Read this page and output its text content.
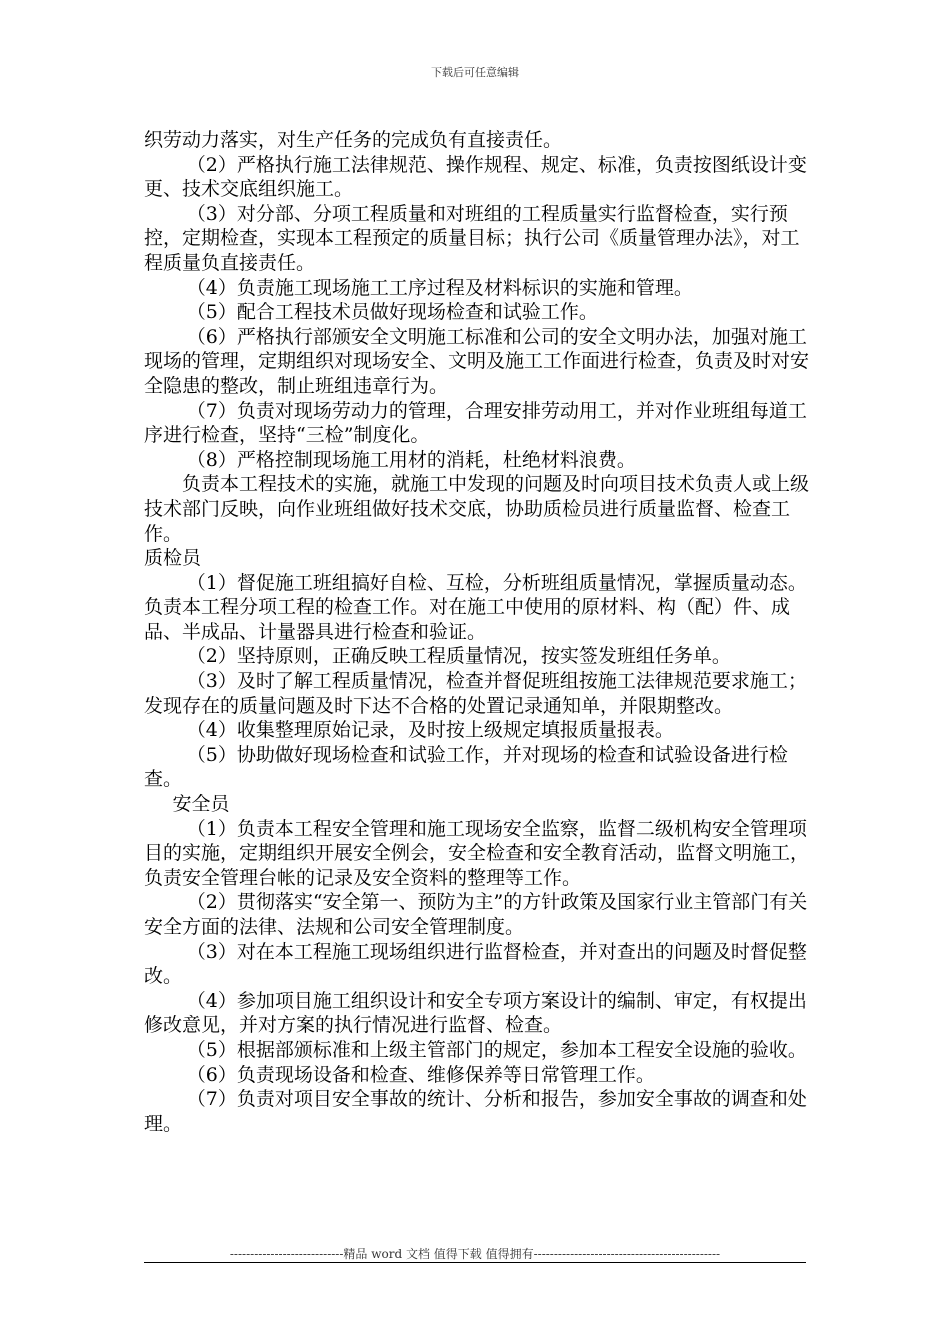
下载后可任意编辑

织劳动力落实，对生产任务的完成负有直接责任。

（2）严格执行施工法律规范、操作规程、规定、标准，负责按图纸设计变更、技术交底组织施工。

（3）对分部、分项工程质量和对班组的工程质量实行监督检查，实行预控，定期检查，实现本工程预定的质量目标；执行公司《质量管理办法》，对工程质量负直接责任。

（4）负责施工现场施工工序过程及材料标识的实施和管理。

（5）配合工程技术员做好现场检查和试验工作。

（6）严格执行部颁安全文明施工标准和公司的安全文明办法，加强对施工现场的管理，定期组织对现场安全、文明及施工工作面进行检查，负责及时对安全隐患的整改，制止班组违章行为。

（7）负责对现场劳动力的管理，合理安排劳动用工，并对作业班组每道工序进行检查，坚持“三检”制度化。

（8）严格控制现场施工用材的消耗，杜绝材料浪费。

负责本工程技术的实施，就施工中发现的问题及时向项目技术负责人或上级技术部门反映，向作业班组做好技术交底，协助质检员进行质量监督、检查工作。

质检员

（1）督促施工班组搞好自检、互检，分析班组质量情况，掌握质量动态。负责本工程分项工程的检查工作。对在施工中使用的原材料、构（配）件、成品、半成品、计量器具进行检查和验证。

（2）坚持原则，正确反映工程质量情况，按实签发班组任务单。

（3）及时了解工程质量情况，检查并督促班组按施工法律规范要求施工；发现存在的质量问题及时下达不合格的处置记录通知单，并限期整改。

（4）收集整理原始记录，及时按上级规定填报质量报表。

（5）协助做好现场检查和试验工作，并对现场的检查和试验设备进行检查。

安全员

（1）负责本工程安全管理和施工现场安全监察，监督二级机构安全管理项目的实施，定期组织开展安全例会，安全检查和安全教育活动，监督文明施工，负责安全管理台帐的记录及安全资料的整理等工作。

（2）贯彻落实“安全第一、预防为主”的方针政策及国家行业主管部门有关安全方面的法律、法规和公司安全管理制度。

（3）对在本工程施工现场组织进行监督检查，并对查出的问题及时督促整改。

（4）参加项目施工组织设计和安全专项方案设计的编制、审定，有权提出修改意见，并对方案的执行情况进行监督、检查。

（5）根据部颁标准和上级主管部门的规定，参加本工程安全设施的验收。

（6）负责现场设备和检查、维修保养等日常管理工作。

（7）负责对项目安全事故的统计、分析和报告，参加安全事故的调查和处理。

----------------------------精品 word 文档 值得下载 值得拥有----------------------------------------------
